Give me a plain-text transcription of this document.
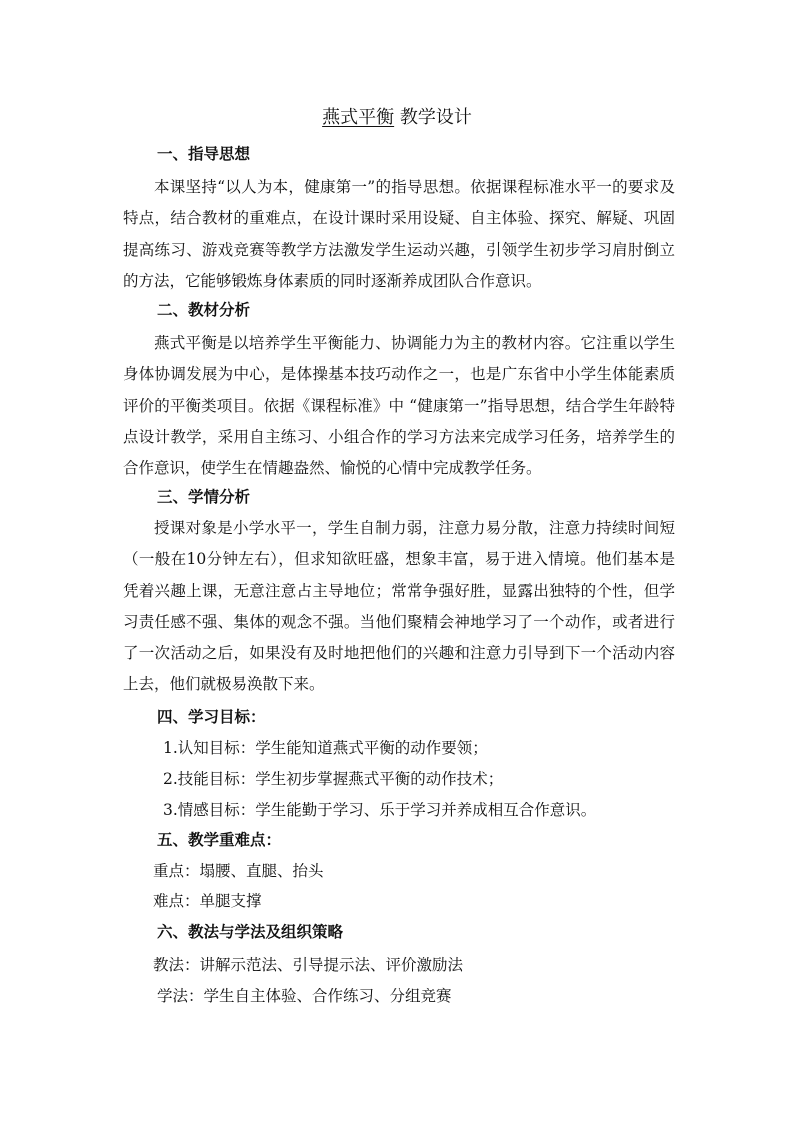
燕式平衡 教学设计
一、指导思想
本课坚持“以人为本，健康第一”的指导思想。依据课程标准水平一的要求及特点，结合教材的重难点，在设计课时采用设疑、自主体验、探究、解疑、巩固提高练习、游戏竞赛等教学方法激发学生运动兴趣，引领学生初步学习肩肘倒立的方法，它能够锻炼身体素质的同时逐渐养成团队合作意识。
二、教材分析
燕式平衡是以培养学生平衡能力、协调能力为主的教材内容。它注重以学生身体协调发展为中心，是体操基本技巧动作之一，也是广东省中小学生体能素质评价的平衡类项目。依据《课程标准》中 “健康第一”指导思想，结合学生年龄特点设计教学，采用自主练习、小组合作的学习方法来完成学习任务，培养学生的合作意识，使学生在情趣盎然、愉悦的心情中完成教学任务。
三、学情分析
授课对象是小学水平一，学生自制力弱，注意力易分散，注意力持续时间短（一般在10分钟左右），但求知欲旺盛，想象丰富，易于进入情境。他们基本是凭着兴趣上课，无意注意占主导地位；常常争强好胜，显露出独特的个性，但学习责任感不强、集体的观念不强。当他们聚精会神地学习了一个动作，或者进行了一次活动之后，如果没有及时地把他们的兴趣和注意力引导到下一个活动内容上去，他们就极易涣散下来。
四、学习目标：
1.认知目标：学生能知道燕式平衡的动作要领；
2.技能目标：学生初步掌握燕式平衡的动作技术；
3.情感目标：学生能勤于学习、乐于学习并养成相互合作意识。
五、教学重难点：
重点：塌腰、直腿、抬头
难点：单腿支撑
六、教法与学法及组织策略
教法：讲解示范法、引导提示法、评价激励法
学法：学生自主体验、合作练习、分组竞赛
